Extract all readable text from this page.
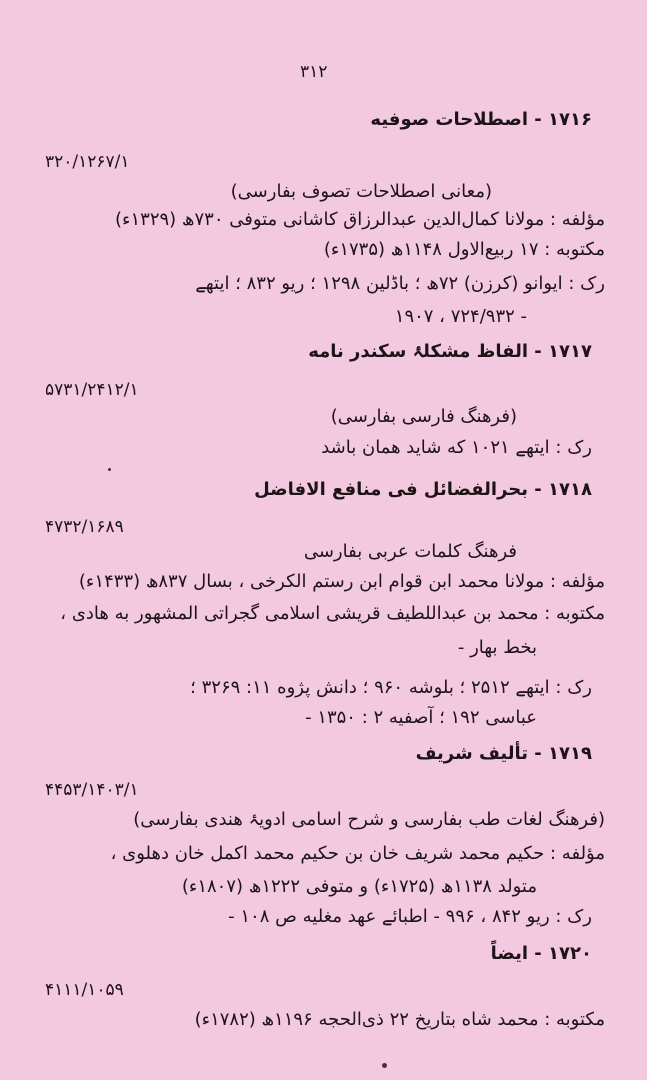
۳۱۲
۱۷۱۶ - اصطلاحات صوفیه
۳۲۰/۱۲۶۷/۱
(معانی اصطلاحات تصوف بفارسی)
مؤلفه : مولانا کمال‌الدین عبدالرزاق کاشانی متوفی ۷۳۰ھ (۱۳۲۹ء)
مکتوبه : ۱۷ ربیع‌الاول ۱۱۴۸ھ (۱۷۳۵ء)
رک : ایوانو (کرزن) ۷۲ھ ؛ باڈلین ۱۲۹۸ ؛ ریو ۸۳۲ ؛ ایتھے
۱۹۰۷ ، ۷۲۴/۹۳۲ -
۱۷۱۷ - الفاظ مشکلۂ سکندر نامه
۵۷۳۱/۲۴۱۲/۱
(فرهنگ فارسی بفارسی)
رک : ایتھے ۱۰۲۱ که شاید همان باشد
۱۷۱۸ - بحرالفضائل فی منافع الافاضل
۴۷۳۲/۱۶۸۹
فرهنگ کلمات عربی بفارسی
مؤلفه : مولانا محمد ابن قوام ابن رستم الکرخی ، بسال ۸۳۷ھ (۱۴۳۳ء)
مکتوبه : محمد بن عبداللطیف قریشی اسلامی گجراتی المشهور به هادی ،
بخط بهار -
رک : ایتھے ۲۵۱۲ ؛ بلوشه ۹۶۰ ؛ دانش پژوه ۱۱: ۳۲۶۹ ؛
عباسی ۱۹۲ ؛ آصفیه ۲ : ۱۳۵۰ -
۱۷۱۹ - تألیف شریف
۴۴۵۳/۱۴۰۳/۱
(فرهنگ لغات طب بفارسی و شرح اسامی ادویۂ هندی بفارسی)
مؤلفه : حکیم محمد شریف خان بن حکیم محمد اکمل خان دهلوی ،
متولد ۱۱۳۸ھ (۱۷۲۵ء) و متوفی ۱۲۲۲ھ (۱۸۰۷ء)
رک : ریو ۸۴۲ ، ۹۹۶ - اطبائے عهد مغلیه ص ۱۰۸ -
۱۷۲۰ - ایضاً
۴۱۱۱/۱۰۵۹
مکتوبه : محمد شاه بتاریخ ۲۲ ذی‌الحجه ۱۱۹۶ھ (۱۷۸۲ء)
